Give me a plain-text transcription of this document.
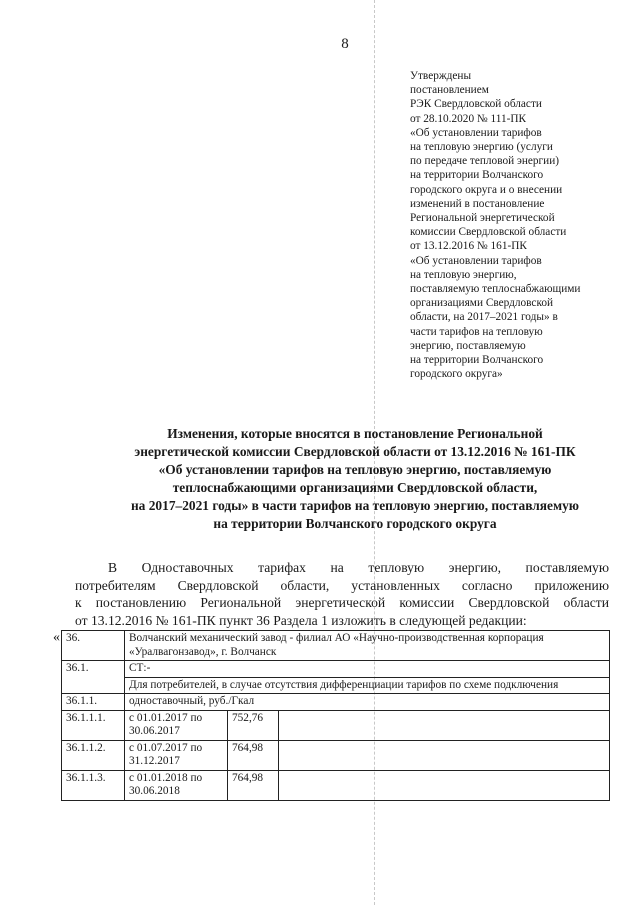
8
Утверждены
постановлением
РЭК Свердловской области
от 28.10.2020 № 111-ПК
«Об установлении тарифов
на тепловую энергию (услуги
по передаче тепловой энергии)
на территории Волчанского
городского округа и о внесении
изменений в постановление
Региональной энергетической
комиссии Свердловской области
от 13.12.2016 № 161-ПК
«Об установлении тарифов
на тепловую энергию,
поставляемую теплоснабжающими
организациями Свердловской
области, на 2017–2021 годы» в
части тарифов на тепловую
энергию, поставляемую
на территории Волчанского
городского округа»
Изменения, которые вносятся в постановление Региональной
энергетической комиссии Свердловской области от 13.12.2016 № 161-ПК
«Об установлении тарифов на тепловую энергию, поставляемую
теплоснабжающими организациями Свердловской области,
на 2017–2021 годы» в части тарифов на тепловую энергию, поставляемую
на территории Волчанского городского округа
В Одноставочных тарифах на тепловую энергию, поставляемую
потребителям Свердловской области, установленных согласно приложению
к постановлению Региональной энергетической комиссии Свердловской области
от 13.12.2016 № 161-ПК пункт 36 Раздела 1 изложить в следующей редакции:
« 36.	Волчанский механический завод - филиал АО «Научно-производственная корпорация «Уралвагонзавод», г. Волчанск		
36.1.	СТ:-		
	Для потребителей, в случае отсутствия дифференциации тарифов по схеме подключения		
36.1.1.	одноставочный, руб./Гкал		
36.1.1.1.	с 01.01.2017 по 30.06.2017	752,76	
36.1.1.2.	с 01.07.2017 по 31.12.2017	764,98	
36.1.1.3.	с 01.01.2018 по 30.06.2018	764,98	
